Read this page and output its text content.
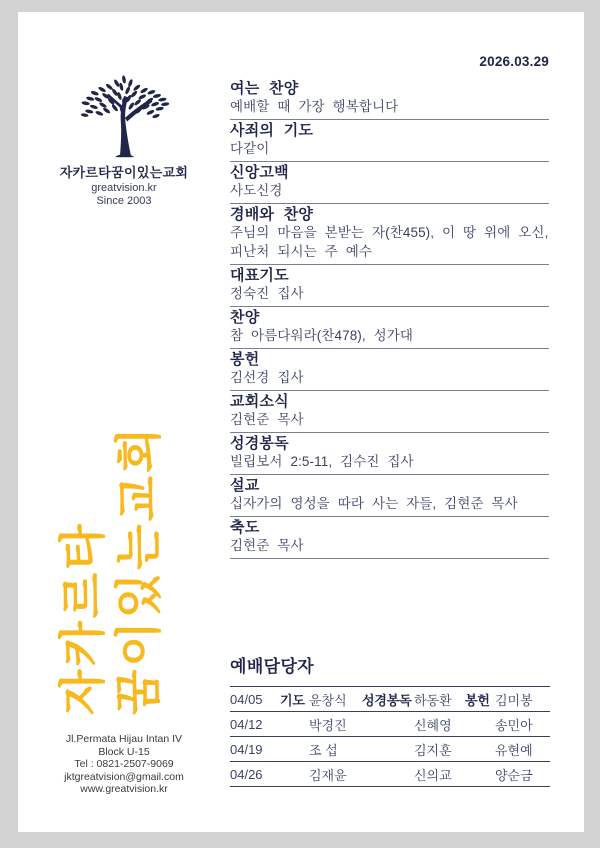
2026.03.29
자카르타꿈이있는교회
greatvision.kr
Since 2003
자카르타 꿈이있는교회
Jl.Permata Hijau Intan IV
Block U-15
Tel : 0821-2507-9069
jktgreatvision@gmail.com
www.greatvision.kr
여는 찬양
예배할 때 가장 행복합니다
사죄의 기도
다같이
신앙고백
사도신경
경배와 찬양
주님의 마음을 본받는 자(찬455), 이 땅 위에 오신, 피난처 되시는 주 예수
대표기도
정숙진 집사
찬양
참 아름다워라(찬478), 성가대
봉헌
김선경 집사
교회소식
김현준 목사
성경봉독
빌립보서 2:5-11, 김수진 집사
설교
십자가의 영성을 따라 사는 자들, 김현준 목사
축도
김현준 목사
예배담당자
04/05	기도 윤창식	성경봉독 하동환	봉헌 김미봉
04/12	박경진	신혜영	송민아
04/19	조 섭	김지훈	유현예
04/26	김재윤	신의교	양순금
